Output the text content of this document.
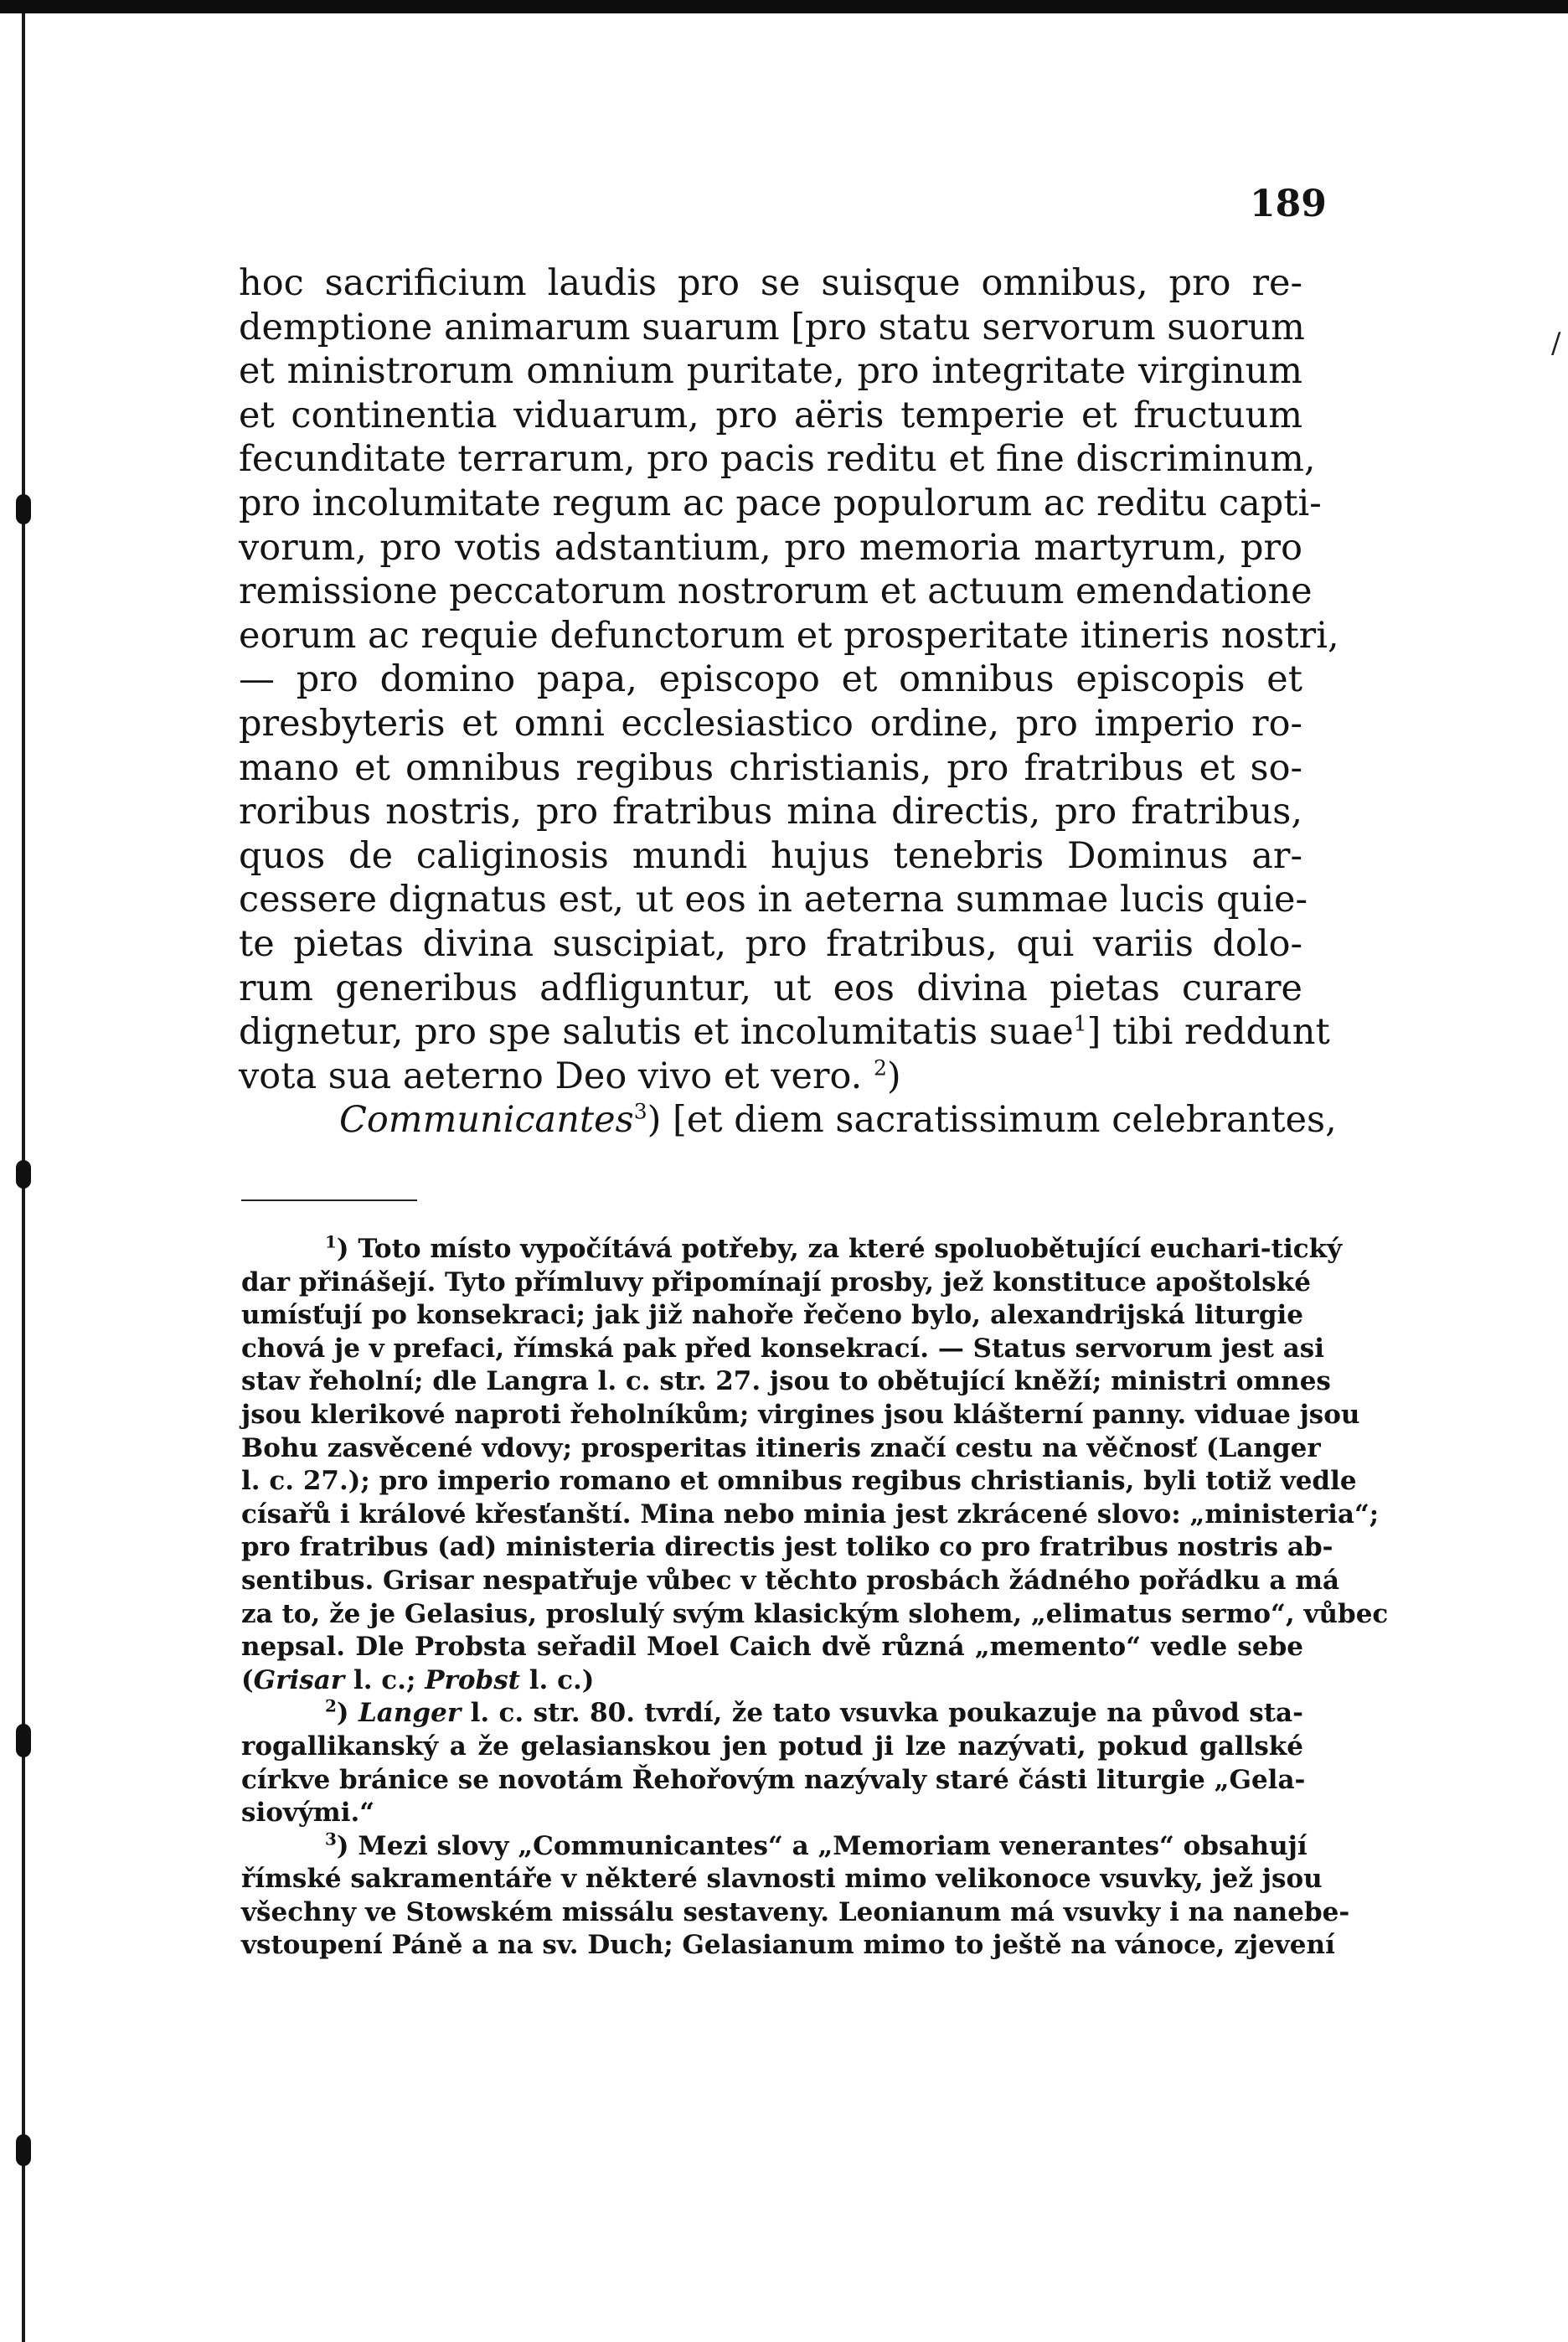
/
189
hoc sacrificium laudis pro se suisque omnibus, pro re-
demptione animarum suarum [pro statu servorum suorum
et ministrorum omnium puritate, pro integritate virginum
et continentia viduarum, pro aëris temperie et fructuum
fecunditate terrarum, pro pacis reditu et fine discriminum,
pro incolumitate regum ac pace populorum ac reditu capti-
vorum, pro votis adstantium, pro memoria martyrum, pro
remissione peccatorum nostrorum et actuum emendatione
eorum ac requie defunctorum et prosperitate itineris nostri,
— pro domino papa, episcopo et omnibus episcopis et
presbyteris et omni ecclesiastico ordine, pro imperio ro-
mano et omnibus regibus christianis, pro fratribus et so-
roribus nostris, pro fratribus mina directis, pro fratribus,
quos de caliginosis mundi hujus tenebris Dominus ar-
cessere dignatus est, ut eos in aeterna summae lucis quie-
te pietas divina suscipiat, pro fratribus, qui variis dolo-
rum generibus adfliguntur, ut eos divina pietas curare
dignetur, pro spe salutis et incolumitatis suae$^1$] tibi reddunt
vota sua aeterno Deo vivo et vero. $^2$)
Communicantes$^3$) [et diem sacratissimum celebrantes,
$^1$) Toto místo vypočítává potřeby, za které spoluobětující euchari-tický
dar přinášejí. Tyto přímluvy připomínají prosby, jež konstituce apoštolské
umísťují po konsekraci; jak již nahoře řečeno bylo, alexandrijská liturgie
chová je v prefaci, římská pak před konsekrací. — Status servorum jest asi
stav řeholní; dle Langra l. c. str. 27. jsou to obětující kněží; ministri omnes
jsou klerikové naproti řeholníkům; virgines jsou klášterní panny. viduae jsou
Bohu zasvěcené vdovy; prosperitas itineris značí cestu na věčnosť (Langer
l. c. 27.); pro imperio romano et omnibus regibus christianis, byli totiž vedle
císařů i králové křesťanští. Mina nebo minia jest zkrácené slovo: „ministeria“;
pro fratribus (ad) ministeria directis jest toliko co pro fratribus nostris ab-
sentibus. Grisar nespatřuje vůbec v těchto prosbách žádného pořádku a má
za to, že je Gelasius, proslulý svým klasickým slohem, „elimatus sermo“, vůbec
nepsal. Dle Probsta seřadil Moel Caich dvě různá „memento“ vedle sebe
(Grisar l. c.; Probst l. c.)
$^2$) Langer l. c. str. 80. tvrdí, že tato vsuvka poukazuje na původ sta-
rogallikanský a že gelasianskou jen potud ji lze nazývati, pokud gallské
církve bránice se novotám Řehořovým nazývaly staré části liturgie „Gela-
siovými.“
$^3$) Mezi slovy „Communicantes“ a „Memoriam venerantes“ obsahují
římské sakramentáře v některé slavnosti mimo velikonoce vsuvky, jež jsou
všechny ve Stowském missálu sestaveny. Leonianum má vsuvky i na nanebe-
vstoupení Páně a na sv. Duch; Gelasianum mimo to ještě na vánoce, zjevení
